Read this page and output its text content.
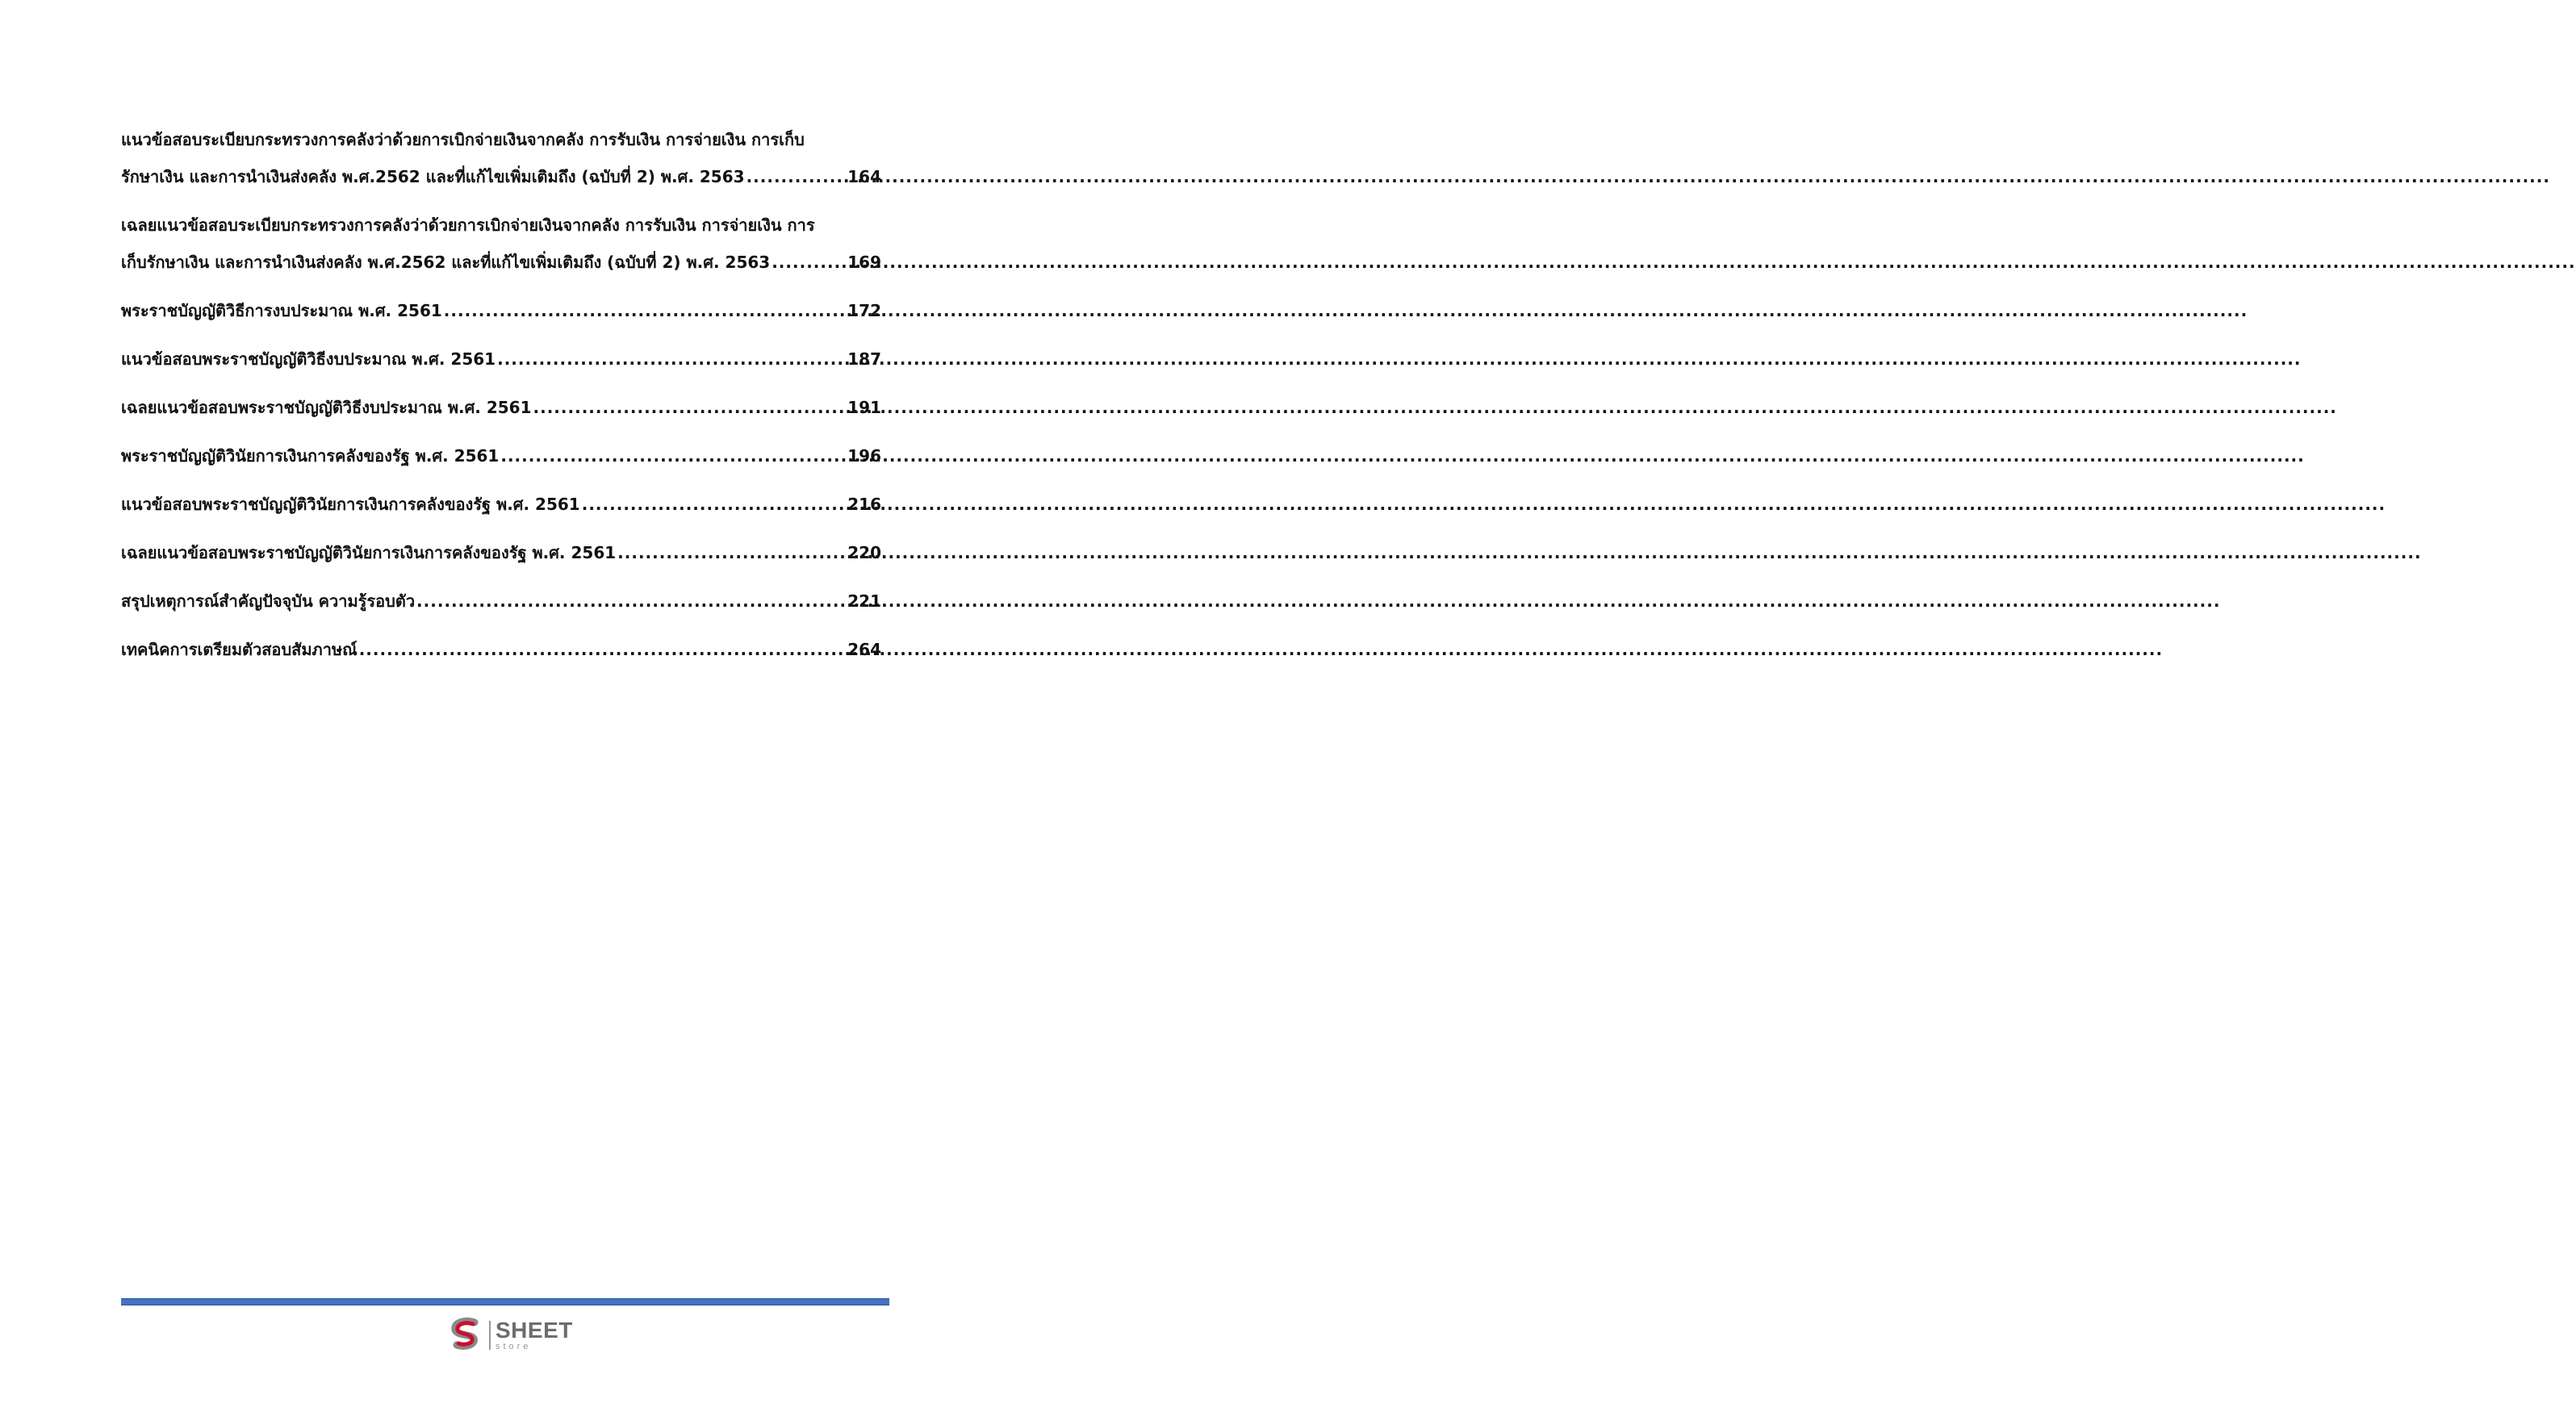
แนวข้อสอบระเบียบกระทรวงการคลังว่าด้วยการเบิกจ่ายเงินจากคลัง การรับเงิน การจ่ายเงิน การเก็บ
รักษาเงิน และการนำเงินส่งคลัง พ.ศ.2562 และที่แก้ไขเพิ่มเติมถึง (ฉบับที่ 2) พ.ศ. 2563 .....	164
เฉลยแนวข้อสอบระเบียบกระทรวงการคลังว่าด้วยการเบิกจ่ายเงินจากคลัง การรับเงิน การจ่ายเงิน การ
เก็บรักษาเงิน และการนำเงินส่งคลัง พ.ศ.2562 และที่แก้ไขเพิ่มเติมถึง (ฉบับที่ 2) พ.ศ. 2563 .....	169
พระราชบัญญัติวิธีการงบประมาณ พ.ศ. 2561 .....	172
แนวข้อสอบพระราชบัญญัติวิธีงบประมาณ พ.ศ. 2561 .....	187
เฉลยแนวข้อสอบพระราชบัญญัติวิธีงบประมาณ พ.ศ. 2561 .....	191
พระราชบัญญัติวินัยการเงินการคลังของรัฐ พ.ศ. 2561 .....	196
แนวข้อสอบพระราชบัญญัติวินัยการเงินการคลังของรัฐ พ.ศ. 2561 .....	216
เฉลยแนวข้อสอบพระราชบัญญัติวินัยการเงินการคลังของรัฐ พ.ศ. 2561 .....	220
สรุปเหตุการณ์สำคัญปัจจุบัน ความรู้รอบตัว .....	221
เทคนิคการเตรียมตัวสอบสัมภาษณ์ .....	264
SHEET
store
